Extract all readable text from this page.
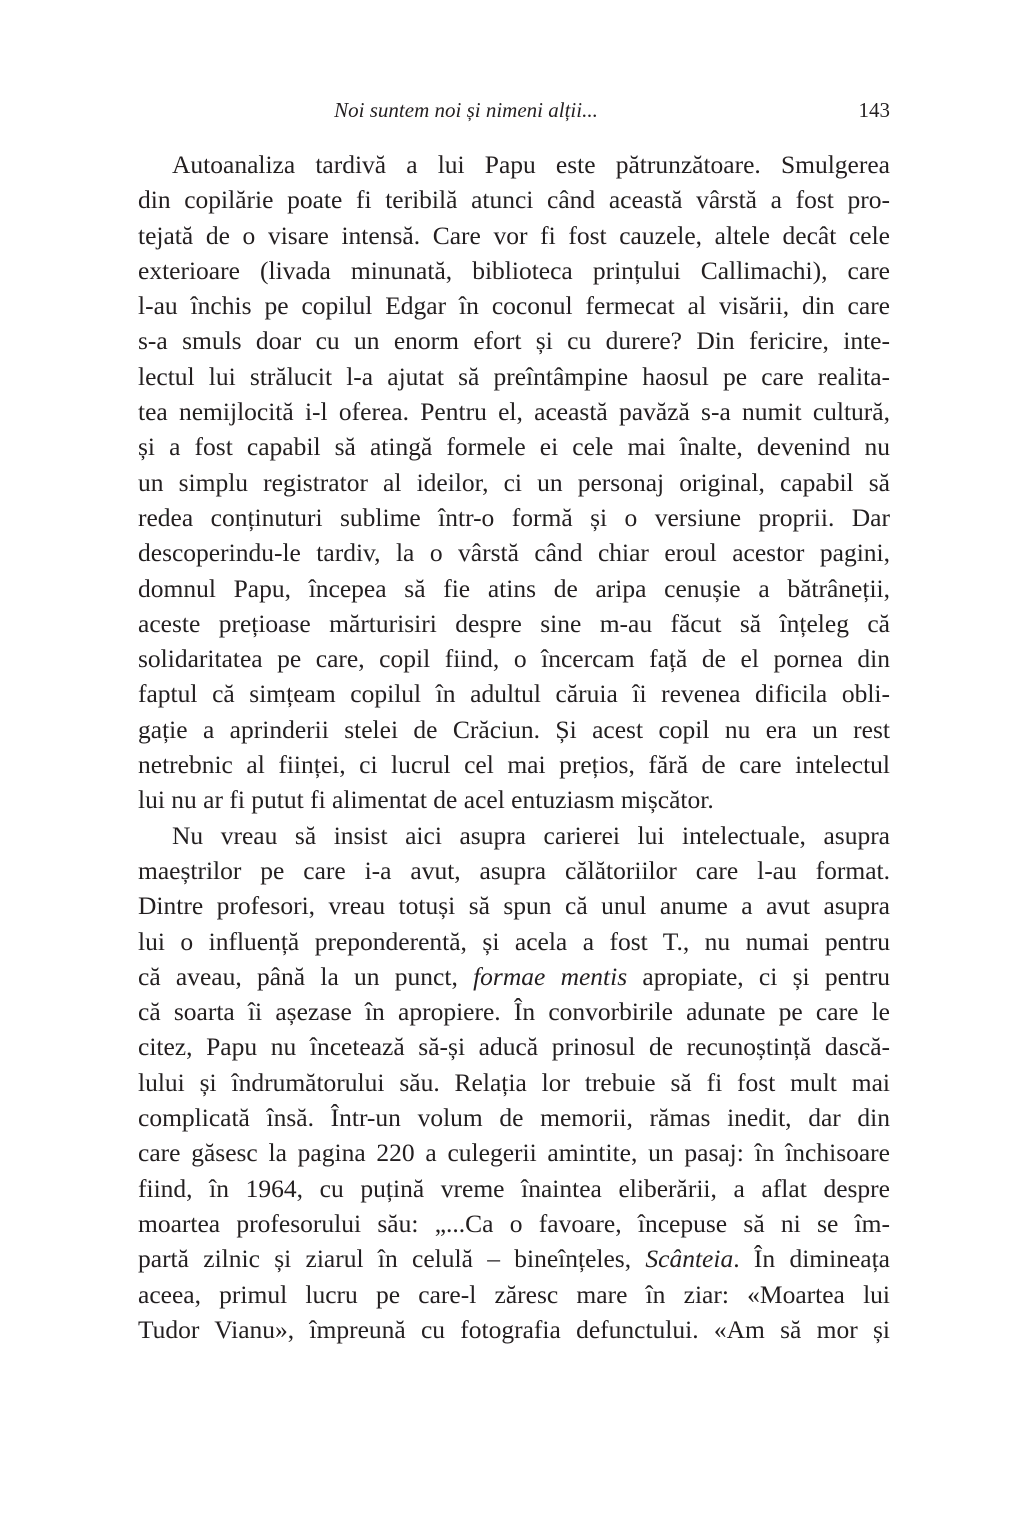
Noi suntem noi și nimeni alții...	143

Autoanaliza tardivă a lui Papu este pătrunzătoare. Smulgerea
din copilărie poate fi teribilă atunci când această vârstă a fost pro-
tejată de o visare intensă. Care vor fi fost cauzele, altele decât cele
exterioare (livada minunată, biblioteca prințului Callimachi), care
l-au închis pe copilul Edgar în coconul fermecat al visării, din care
s-a smuls doar cu un enorm efort și cu durere? Din fericire, inte-
lectul lui strălucit l-a ajutat să preîntâmpine haosul pe care realita-
tea nemijlocită i-l oferea. Pentru el, această pavăză s-a numit cultură,
și a fost capabil să atingă formele ei cele mai înalte, devenind nu
un simplu registrator al ideilor, ci un personaj original, capabil să
redea conținuturi sublime într-o formă și o versiune proprii. Dar
descoperindu-le tardiv, la o vârstă când chiar eroul acestor pagini,
domnul Papu, începea să fie atins de aripa cenușie a bătrâneții,
aceste prețioase mărturisiri despre sine m-au făcut să înțeleg că
solidaritatea pe care, copil fiind, o încercam față de el pornea din
faptul că simțeam copilul în adultul căruia îi revenea dificila obli-
gație a aprinderii stelei de Crăciun. Și acest copil nu era un rest
netrebnic al ființei, ci lucrul cel mai prețios, fără de care intelectul
lui nu ar fi putut fi alimentat de acel entuziasm mișcător.

Nu vreau să insist aici asupra carierei lui intelectuale, asupra
maeștrilor pe care i-a avut, asupra călătoriilor care l-au format.
Dintre profesori, vreau totuși să spun că unul anume a avut asupra
lui o influență preponderentă, și acela a fost T., nu numai pentru
că aveau, până la un punct, formae mentis apropiate, ci și pentru
că soarta îi așezase în apropiere. În convorbirile adunate pe care le
citez, Papu nu încetează să-și aducă prinosul de recunoștință dască-
lului și îndrumătorului său. Relația lor trebuie să fi fost mult mai
complicată însă. Într-un volum de memorii, rămas inedit, dar din
care găsesc la pagina 220 a culegerii amintite, un pasaj: în închisoare
fiind, în 1964, cu puțină vreme înaintea eliberării, a aflat despre
moartea profesorului său: „...Ca o favoare, începuse să ni se îm-
partă zilnic și ziarul în celulă – bineînțeles, Scânteia. În dimineața
aceea, primul lucru pe care-l zăresc mare în ziar: «Moartea lui
Tudor Vianu», împreună cu fotografia defunctului. «Am să mor și
